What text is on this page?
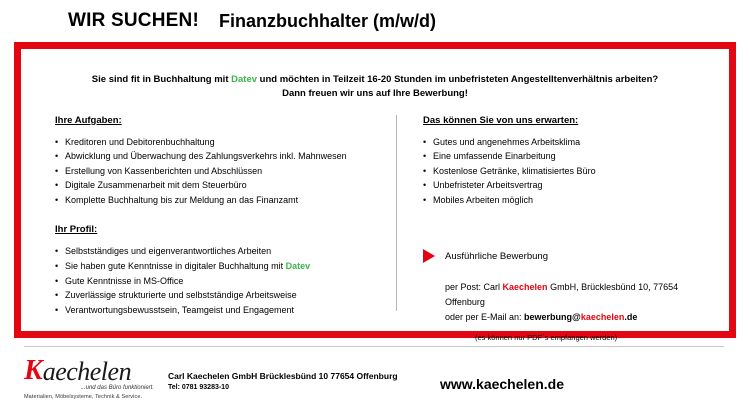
WIR SUCHEN! Finanzbuchhalter (m/w/d)
Sie sind fit in Buchhaltung mit Datev und möchten in Teilzeit 16-20 Stunden im unbefristeten Angestelltenverhältnis arbeiten?
Dann freuen wir uns auf Ihre Bewerbung!
Ihre Aufgaben:
• Kreditoren und Debitorenbuchhaltung
• Abwicklung und Überwachung des Zahlungsverkehrs inkl. Mahnwesen
• Erstellung von Kassenberichten und Abschlüssen
• Digitale Zusammenarbeit mit dem Steuerbüro
• Komplette Buchhaltung bis zur Meldung an das Finanzamt
Ihr Profil:
• Selbstständiges und eigenverantwortliches Arbeiten
• Sie haben gute Kenntnisse in digitaler Buchhaltung mit Datev
• Gute Kenntnisse in MS-Office
• Zuverlässige strukturierte und selbstständige Arbeitsweise
• Verantwortungsbewusstsein, Teamgeist und Engagement
Das können Sie von uns erwarten:
• Gutes und angenehmes Arbeitsklima
• Eine umfassende Einarbeitung
• Kostenlose Getränke, klimatisiertes Büro
• Unbefristeter Arbeitsvertrag
• Mobiles Arbeiten möglich
Ausführliche Bewerbung
per Post: Carl Kaechelen GmbH, Brücklesbünd 10, 77654 Offenburg
oder per E-Mail an: bewerbung@kaechelen.de
(es können nur PDF´s empfangen werden)
K aechelen
...und das Büro funktioniert.
Materialien, Möbelsysteme, Technik & Service.
Carl Kaechelen GmbH Brücklesbünd 10 77654 Offenburg
Tel: 0781 93283-10	www.kaechelen.de
